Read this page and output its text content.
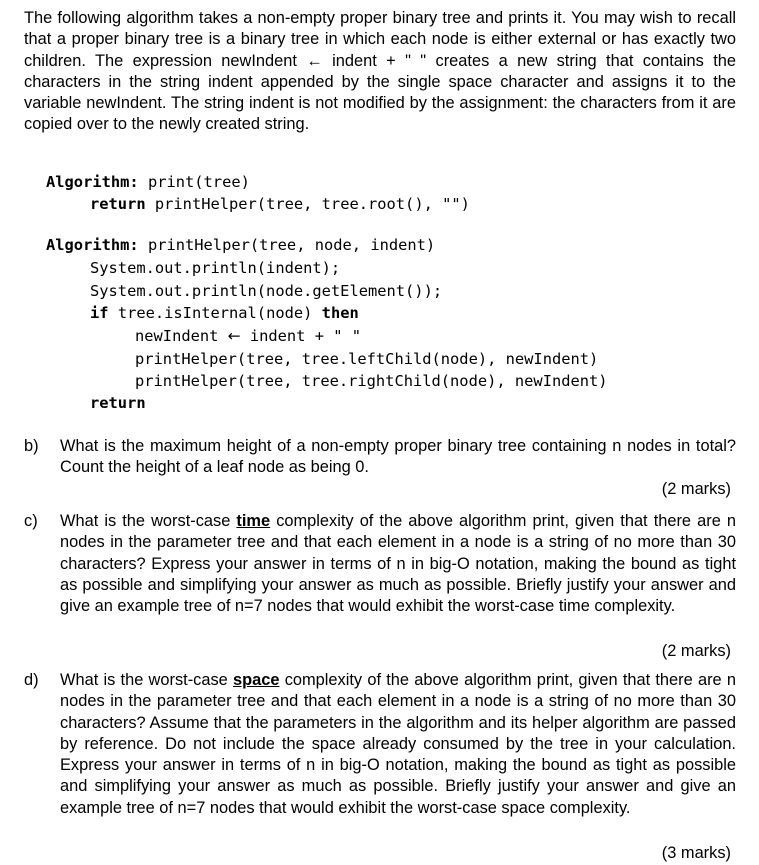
The following algorithm takes a non-empty proper binary tree and prints it. You may wish to recall that a proper binary tree is a binary tree in which each node is either external or has exactly two children. The expression newIndent ← indent + " " creates a new string that contains the characters in the string indent appended by the single space character and assigns it to the variable newIndent. The string indent is not modified by the assignment: the characters from it are copied over to the newly created string.

Algorithm: print(tree)
return printHelper(tree, tree.root(), "")
Algorithm: printHelper(tree, node, indent)
System.out.println(indent);
System.out.println(node.getElement());
if tree.isInternal(node) then
newIndent ← indent + " "
printHelper(tree, tree.leftChild(node), newIndent)
printHelper(tree, tree.rightChild(node), newIndent)
return
b) What is the maximum height of a non-empty proper binary tree containing n nodes in total? Count the height of a leaf node as being 0.
(2 marks)
c) What is the worst-case time complexity of the above algorithm print, given that there are n nodes in the parameter tree and that each element in a node is a string of no more than 30 characters? Express your answer in terms of n in big-O notation, making the bound as tight as possible and simplifying your answer as much as possible. Briefly justify your answer and give an example tree of n=7 nodes that would exhibit the worst-case time complexity.
(2 marks)
d) What is the worst-case space complexity of the above algorithm print, given that there are n nodes in the parameter tree and that each element in a node is a string of no more than 30 characters? Assume that the parameters in the algorithm and its helper algorithm are passed by reference. Do not include the space already consumed by the tree in your calculation. Express your answer in terms of n in big-O notation, making the bound as tight as possible and simplifying your answer as much as possible. Briefly justify your answer and give an example tree of n=7 nodes that would exhibit the worst-case space complexity.
(3 marks)
